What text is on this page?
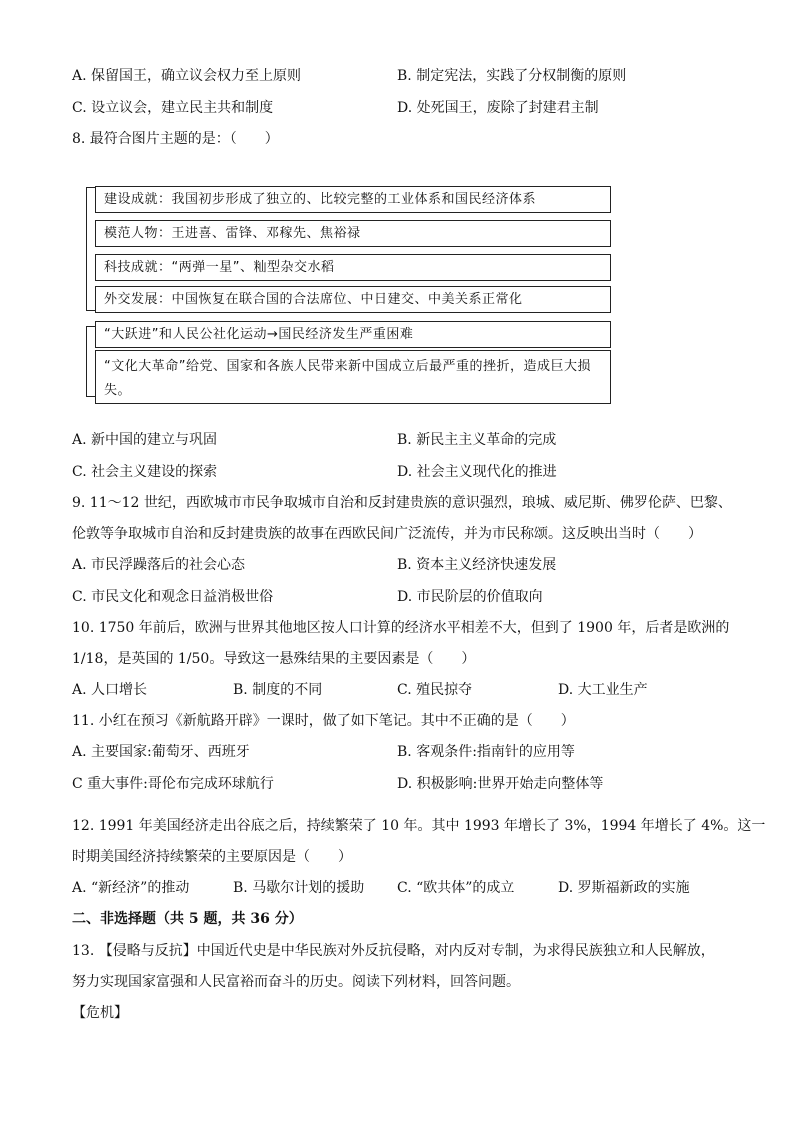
A. 保留国王，确立议会权力至上原则	B. 制定宪法，实践了分权制衡的原则
C. 设立议会，建立民主共和制度	D. 处死国王，废除了封建君主制
8. 最符合图片主题的是：（　　）
建设成就：我国初步形成了独立的、比较完整的工业体系和国民经济体系
模范人物：王进喜、雷锋、邓稼先、焦裕禄
科技成就：“两弹一星”、籼型杂交水稻
外交发展：中国恢复在联合国的合法席位、中日建交、中美关系正常化
“大跃进”和人民公社化运动→国民经济发生严重困难
“文化大革命”给党、国家和各族人民带来新中国成立后最严重的挫折，造成巨大损失。
A. 新中国的建立与巩固	B. 新民主主义革命的完成
C. 社会主义建设的探索	D. 社会主义现代化的推进
9. 11～12 世纪，西欧城市市民争取城市自治和反封建贵族的意识强烈，琅城、威尼斯、佛罗伦萨、巴黎、
伦敦等争取城市自治和反封建贵族的故事在西欧民间广泛流传，并为市民称颂。这反映出当时（　　）
A. 市民浮躁落后的社会心态	B. 资本主义经济快速发展
C. 市民文化和观念日益消极世俗	D. 市民阶层的价值取向
10. 1750 年前后，欧洲与世界其他地区按人口计算的经济水平相差不大，但到了 1900 年，后者是欧洲的
1/18，是英国的 1/50。导致这一悬殊结果的主要因素是（　　）
A. 人口增长	B. 制度的不同	C. 殖民掠夺	D. 大工业生产
11. 小红在预习《新航路开辟》一课时，做了如下笔记。其中不正确的是（　　）
A. 主要国家:葡萄牙、西班牙	B. 客观条件:指南针的应用等
C 重大事件:哥伦布完成环球航行	D. 积极影响:世界开始走向整体等
12. 1991 年美国经济走出谷底之后，持续繁荣了 10 年。其中 1993 年增长了 3%，1994 年增长了 4%。这一
时期美国经济持续繁荣的主要原因是（　　）
A. “新经济”的推动	B. 马歇尔计划的援助 C. “欧共体”的成立	D. 罗斯福新政的实施
二、非选择题（共 5 题，共 36 分）
13. 【侵略与反抗】中国近代史是中华民族对外反抗侵略，对内反对专制，为求得民族独立和人民解放，
努力实现国家富强和人民富裕而奋斗的历史。阅读下列材料，回答问题。
【危机】
